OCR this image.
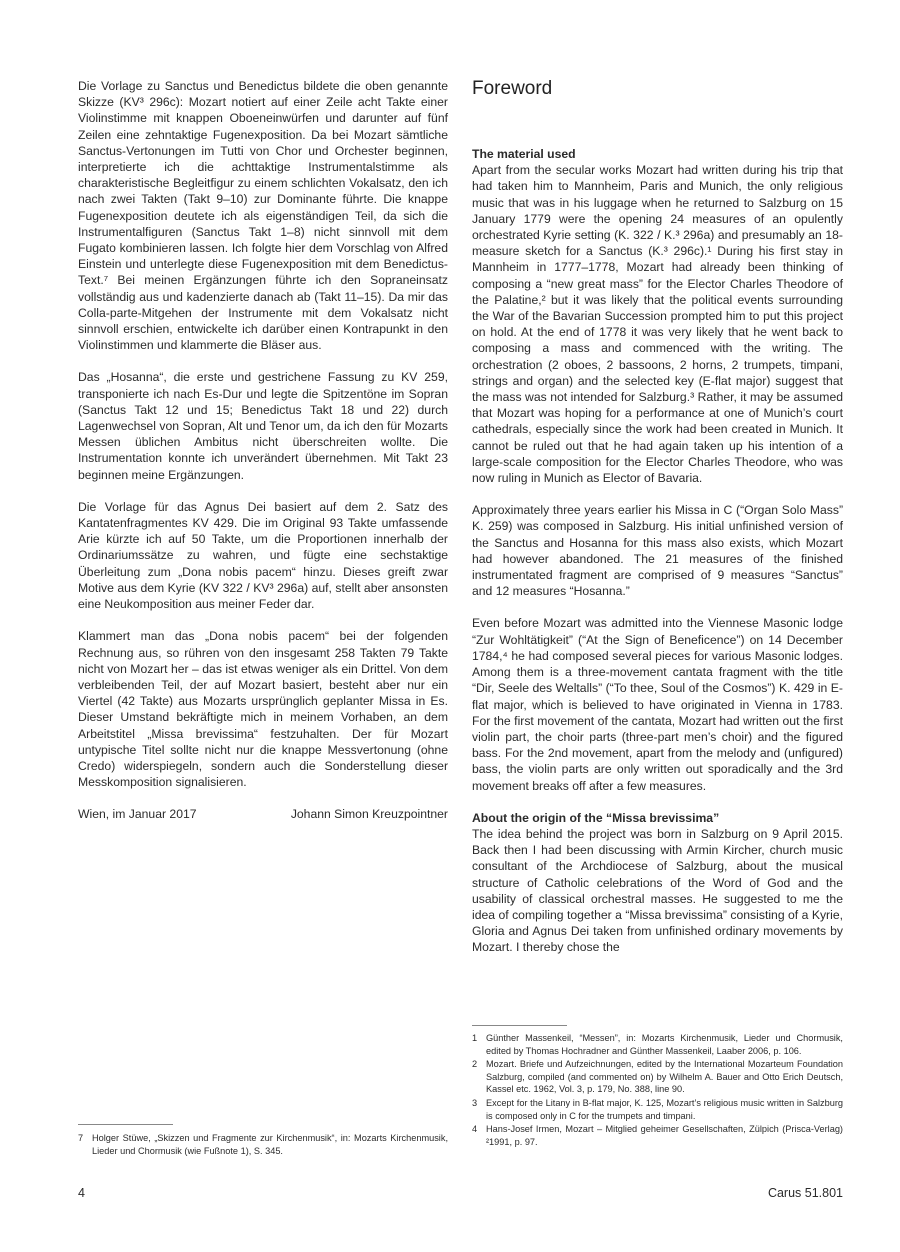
Die Vorlage zu Sanctus und Benedictus bildete die oben genannte Skizze (KV³ 296c): Mozart notiert auf einer Zeile acht Takte einer Violinstimme mit knappen Oboeneinwürfen und darunter auf fünf Zeilen eine zehntaktige Fugenexposition. Da bei Mozart sämtliche Sanctus-Vertonungen im Tutti von Chor und Orchester beginnen, interpretierte ich die achttaktige Instrumentalstimme als charakteristische Begleitfigur zu einem schlichten Vokalsatz, den ich nach zwei Takten (Takt 9–10) zur Dominante führte. Die knappe Fugenexposition deutete ich als eigenständigen Teil, da sich die Instrumentalfiguren (Sanctus Takt 1–8) nicht sinnvoll mit dem Fugato kombinieren lassen. Ich folgte hier dem Vorschlag von Alfred Einstein und unterlegte diese Fugenexposition mit dem Benedictus-Text.⁷ Bei meinen Ergänzungen führte ich den Sopraneinsatz vollständig aus und kadenzierte danach ab (Takt 11–15). Da mir das Colla-parte-Mitgehen der Instrumente mit dem Vokalsatz nicht sinnvoll erschien, entwickelte ich darüber einen Kontrapunkt in den Violinstimmen und klammerte die Bläser aus.

Das „Hosanna“, die erste und gestrichene Fassung zu KV 259, transponierte ich nach Es-Dur und legte die Spitzentöne im Sopran (Sanctus Takt 12 und 15; Benedictus Takt 18 und 22) durch Lagenwechsel von Sopran, Alt und Tenor um, da ich den für Mozarts Messen üblichen Ambitus nicht überschreiten wollte. Die Instrumentation konnte ich unverändert übernehmen. Mit Takt 23 beginnen meine Ergänzungen.

Die Vorlage für das Agnus Dei basiert auf dem 2. Satz des Kantatenfragmentes KV 429. Die im Original 93 Takte umfassende Arie kürzte ich auf 50 Takte, um die Proportionen innerhalb der Ordinariumssätze zu wahren, und fügte eine sechstaktige Überleitung zum „Dona nobis pacem“ hinzu. Dieses greift zwar Motive aus dem Kyrie (KV 322 / KV³ 296a) auf, stellt aber ansonsten eine Neukomposition aus meiner Feder dar.

Klammert man das „Dona nobis pacem“ bei der folgenden Rechnung aus, so rühren von den insgesamt 258 Takten 79 Takte nicht von Mozart her – das ist etwas weniger als ein Drittel. Von dem verbleibenden Teil, der auf Mozart basiert, besteht aber nur ein Viertel (42 Takte) aus Mozarts ursprünglich geplanter Missa in Es. Dieser Umstand bekräftigte mich in meinem Vorhaben, an dem Arbeitstitel „Missa brevissima“ festzuhalten. Der für Mozart untypische Titel sollte nicht nur die knappe Messvertonung (ohne Credo) widerspiegeln, sondern auch die Sonderstellung dieser Messkomposition signalisieren.

Wien, im Januar 2017	Johann Simon Kreuzpointner
7 Holger Stüwe, „Skizzen und Fragmente zur Kirchenmusik“, in: Mozarts Kirchenmusik, Lieder und Chormusik (wie Fußnote 1), S. 345.
Foreword

The material used

Apart from the secular works Mozart had written during his trip that had taken him to Mannheim, Paris and Munich, the only religious music that was in his luggage when he returned to Salzburg on 15 January 1779 were the opening 24 measures of an opulently orchestrated Kyrie setting (K. 322 / K.³ 296a) and presumably an 18-measure sketch for a Sanctus (K.³ 296c).¹ During his first stay in Mannheim in 1777–1778, Mozart had already been thinking of composing a “new great mass” for the Elector Charles Theodore of the Palatine,² but it was likely that the political events surrounding the War of the Bavarian Succession prompted him to put this project on hold. At the end of 1778 it was very likely that he went back to composing a mass and commenced with the writing. The orchestration (2 oboes, 2 bassoons, 2 horns, 2 trumpets, timpani, strings and organ) and the selected key (E-flat major) suggest that the mass was not intended for Salzburg.³ Rather, it may be assumed that Mozart was hoping for a performance at one of Munich’s court cathedrals, especially since the work had been created in Munich. It cannot be ruled out that he had again taken up his intention of a large-scale composition for the Elector Charles Theodore, who was now ruling in Munich as Elector of Bavaria.

Approximately three years earlier his Missa in C (“Organ Solo Mass” K. 259) was composed in Salzburg. His initial unfinished version of the Sanctus and Hosanna for this mass also exists, which Mozart had however abandoned. The 21 measures of the finished instrumentated fragment are comprised of 9 measures “Sanctus” and 12 measures “Hosanna.”

Even before Mozart was admitted into the Viennese Masonic lodge “Zur Wohltätigkeit” (“At the Sign of Beneficence”) on 14 December 1784,⁴ he had composed several pieces for various Masonic lodges. Among them is a three-movement cantata fragment with the title “Dir, Seele des Weltalls” (“To thee, Soul of the Cosmos”) K. 429 in E-flat major, which is believed to have originated in Vienna in 1783. For the first movement of the cantata, Mozart had written out the first violin part, the choir parts (three-part men’s choir) and the figured bass. For the 2nd movement, apart from the melody and (unfigured) bass, the violin parts are only written out sporadically and the 3rd movement breaks off after a few measures.

About the origin of the “Missa brevissima”

The idea behind the project was born in Salzburg on 9 April 2015. Back then I had been discussing with Armin Kircher, church music consultant of the Archdiocese of Salzburg, about the musical structure of Catholic celebrations of the Word of God and the usability of classical orchestral masses. He suggested to me the idea of compiling together a “Missa brevissima” consisting of a Kyrie, Gloria and Agnus Dei taken from unfinished ordinary movements by Mozart. I thereby chose the

1 Günther Massenkeil, “Messen”, in: Mozarts Kirchenmusik, Lieder und Chormusik, edited by Thomas Hochradner and Günther Massenkeil, Laaber 2006, p. 106.
2 Mozart. Briefe und Aufzeichnungen, edited by the International Mozarteum Foundation Salzburg, compiled (and commented on) by Wilhelm A. Bauer and Otto Erich Deutsch, Kassel etc. 1962, Vol. 3, p. 179, No. 388, line 90.
3 Except for the Litany in B-flat major, K. 125, Mozart’s religious music written in Salzburg is composed only in C for the trumpets and timpani.
4 Hans-Josef Irmen, Mozart – Mitglied geheimer Gesellschaften, Zülpich (Prisca-Verlag) ²1991, p. 97.
4	Carus 51.801
